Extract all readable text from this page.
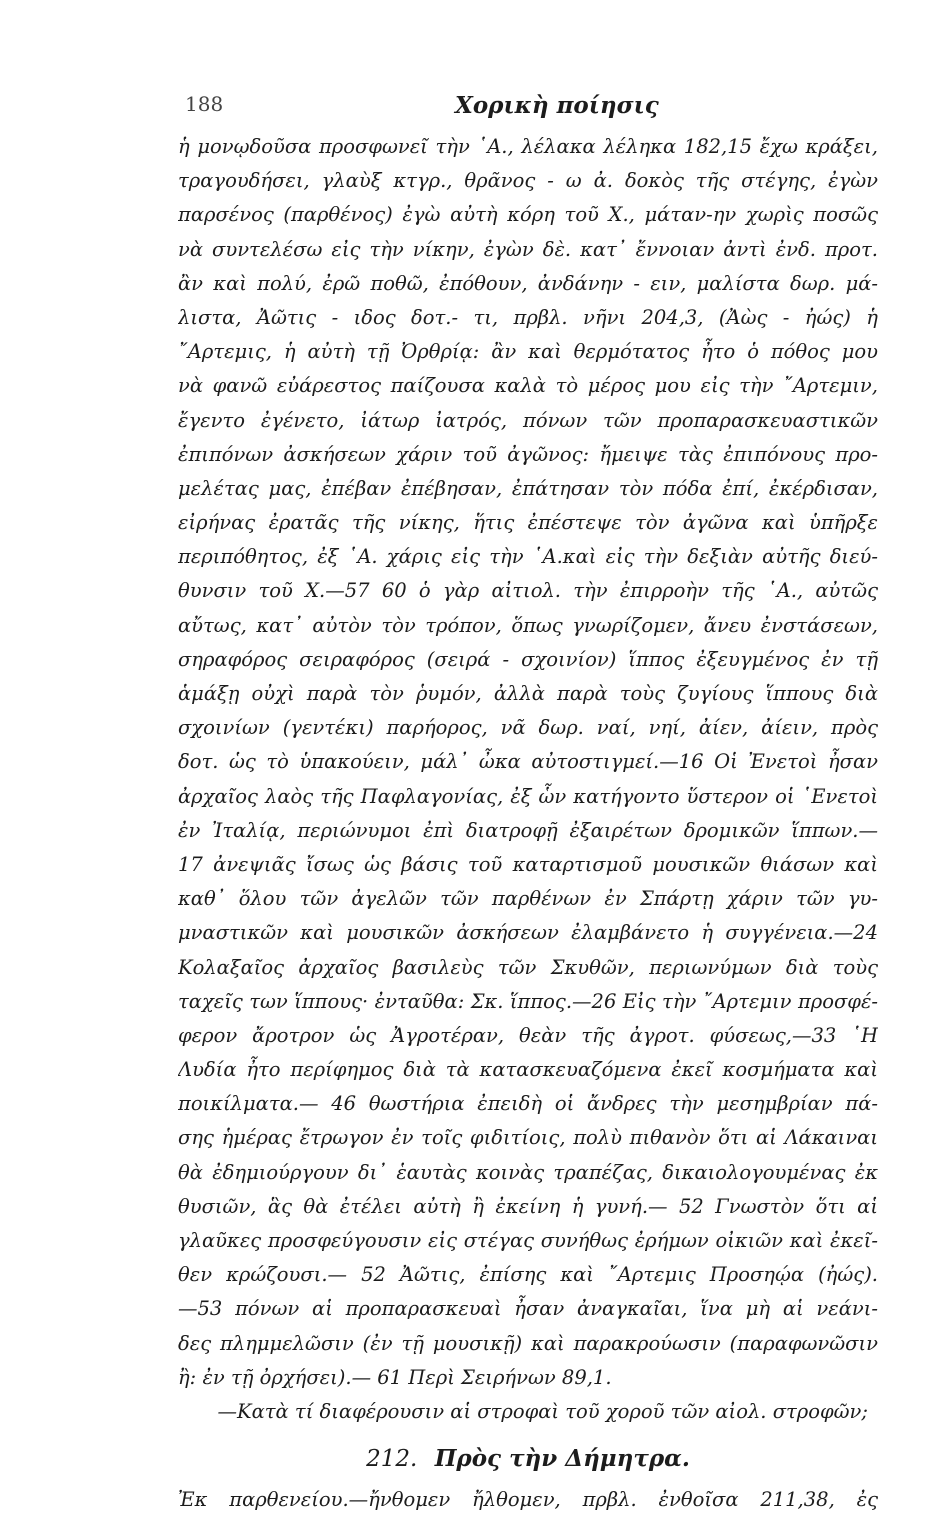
188	Χορικὴ ποίησις
ἡ μονῳδοῦσα προσφωνεῖ τὴν ῾Α., λέλακα λέληκα 182,15 ἔχω κράξει,
τραγουδήσει, γλαὺξ κτγρ., θρᾶνος - ω ἀ. δοκὸς τῆς στέγης, ἐγὼν
παρσένος (παρθένος) ἐγὼ αὐτὴ κόρη τοῦ Χ., μάταν-ην χωρὶς ποσῶς
νὰ συντελέσω εἰς τὴν νίκην, ἐγὼν δὲ. κατ᾿ ἔννοιαν ἀντὶ ἐνδ. προτ.
ἂν καὶ πολύ, ἐρῶ ποθῶ, ἐπόθουν, ἀνδάνην - ειν, μαλίστα δωρ. μά-
λιστα, Ἀῶτις - ιδος δοτ.- τι, πρβλ. νῆνι 204,3, (Ἀὼς - ἠώς) ἡ
῎Αρτεμις, ἡ αὐτὴ τῇ Ὀρθρίᾳ: ἂν καὶ θερμότατος ἦτο ὁ πόθος μου
νὰ φανῶ εὐάρεστος παίζουσα καλὰ τὸ μέρος μου εἰς τὴν ῎Αρτεμιν,
ἔγεντο ἐγένετο, ἰάτωρ ἰατρός, πόνων τῶν προπαρασκευαστικῶν
ἐπιπόνων ἀσκήσεων χάριν τοῦ ἀγῶνος: ἤμειψε τὰς ἐπιπόνους προ-
μελέτας μας, ἐπέβαν ἐπέβησαν, ἐπάτησαν τὸν πόδα ἐπί, ἐκέρδισαν,
εἰρήνας ἐρατᾶς τῆς νίκης, ἥτις ἐπέστεψε τὸν ἀγῶνα καὶ ὑπῆρξε
περιπόθητος, ἐξ ῾Α. χάρις εἰς τὴν ῾Α.καὶ εἰς τὴν δεξιὰν αὐτῆς διεύ-
θυνσιν τοῦ Χ.—57 60 ὁ γὰρ αἰτιολ. τὴν ἐπιρροὴν τῆς ῾Α., αὐτῶς
αὔτως, κατ᾿ αὐτὸν τὸν τρόπον, ὅπως γνωρίζομεν, ἄνευ ἐνστάσεων,
σηραφόρος σειραφόρος (σειρά - σχοινίον) ἵππος ἐξευγμένος ἐν τῇ
ἁμάξῃ οὐχὶ παρὰ τὸν ῥυμόν, ἀλλὰ παρὰ τοὺς ζυγίους ἵππους διὰ
σχοινίων (γεντέκι) παρήορος, νᾶ δωρ. ναί, νηί, ἀίεν, ἀίειν, πρὸς
δοτ. ὡς τὸ ὑπακούειν, μάλ᾿ ὦκα αὐτοστιγμεί.—16 Οἱ Ἐνετοὶ ἦσαν
ἀρχαῖος λαὸς τῆς Παφλαγονίας, ἐξ ὧν κατήγοντο ὕστερον οἱ ῾Ενετοὶ
ἐν Ἰταλίᾳ, περιώνυμοι ἐπὶ διατροφῇ ἐξαιρέτων δρομικῶν ἵππων.—
17 ἀνεψιᾶς ἴσως ὡς βάσις τοῦ καταρτισμοῦ μουσικῶν θιάσων καὶ
καθ᾿ ὅλου τῶν ἀγελῶν τῶν παρθένων ἐν Σπάρτῃ χάριν τῶν γυ-
μναστικῶν καὶ μουσικῶν ἀσκήσεων ἐλαμβάνετο ἡ συγγένεια.—24
Κολαξαῖος ἀρχαῖος βασιλεὺς τῶν Σκυθῶν, περιωνύμων διὰ τοὺς
ταχεῖς των ἵππους· ἐνταῦθα: Σκ. ἵππος.—26 Εἰς τὴν ῎Αρτεμιν προσφέ-
φερον ἄροτρον ὡς Ἀγροτέραν, θεὰν τῆς ἀγροτ. φύσεως,—33 ῾Η
Λυδία ἦτο περίφημος διὰ τὰ κατασκευαζόμενα ἐκεῖ κοσμήματα καὶ
ποικίλματα.— 46 θωστήρια ἐπειδὴ οἱ ἄνδρες τὴν μεσημβρίαν πά-
σης ἡμέρας ἔτρωγον ἐν τοῖς φιδιτίοις, πολὺ πιθανὸν ὅτι αἱ Λάκαιναι
θὰ ἐδημιούργουν δι᾿ ἑαυτὰς κοινὰς τραπέζας, δικαιολογουμένας ἐκ
θυσιῶν, ἃς θὰ ἐτέλει αὐτὴ ἢ ἐκείνη ἡ γυνή.— 52 Γνωστὸν ὅτι αἱ
γλαῦκες προσφεύγουσιν εἰς στέγας συνήθως ἐρήμων οἰκιῶν καὶ ἐκεῖ-
θεν κρώζουσι.— 52 Ἀῶτις, ἐπίσης καὶ ῎Αρτεμις Προσηῴα (ἠώς).
—53 πόνων αἱ προπαρασκευαὶ ἦσαν ἀναγκαῖαι, ἵνα μὴ αἱ νεάνι-
δες πλημμελῶσιν (ἐν τῇ μουσικῇ) καὶ παρακρούωσιν (παραφωνῶσιν
ἢ: ἐν τῇ ὀρχήσει).— 61 Περὶ Σειρήνων 89,1.
—Κατὰ τί διαφέρουσιν αἱ στροφαὶ τοῦ χοροῦ τῶν αἰολ. στροφῶν;
212. Πρὸς τὴν Δήμητρα.
Ἐκ παρθενείου.—ἤνθομεν ἤλθομεν, πρβλ. ἐνθοῖσα 211,38, ἐς
